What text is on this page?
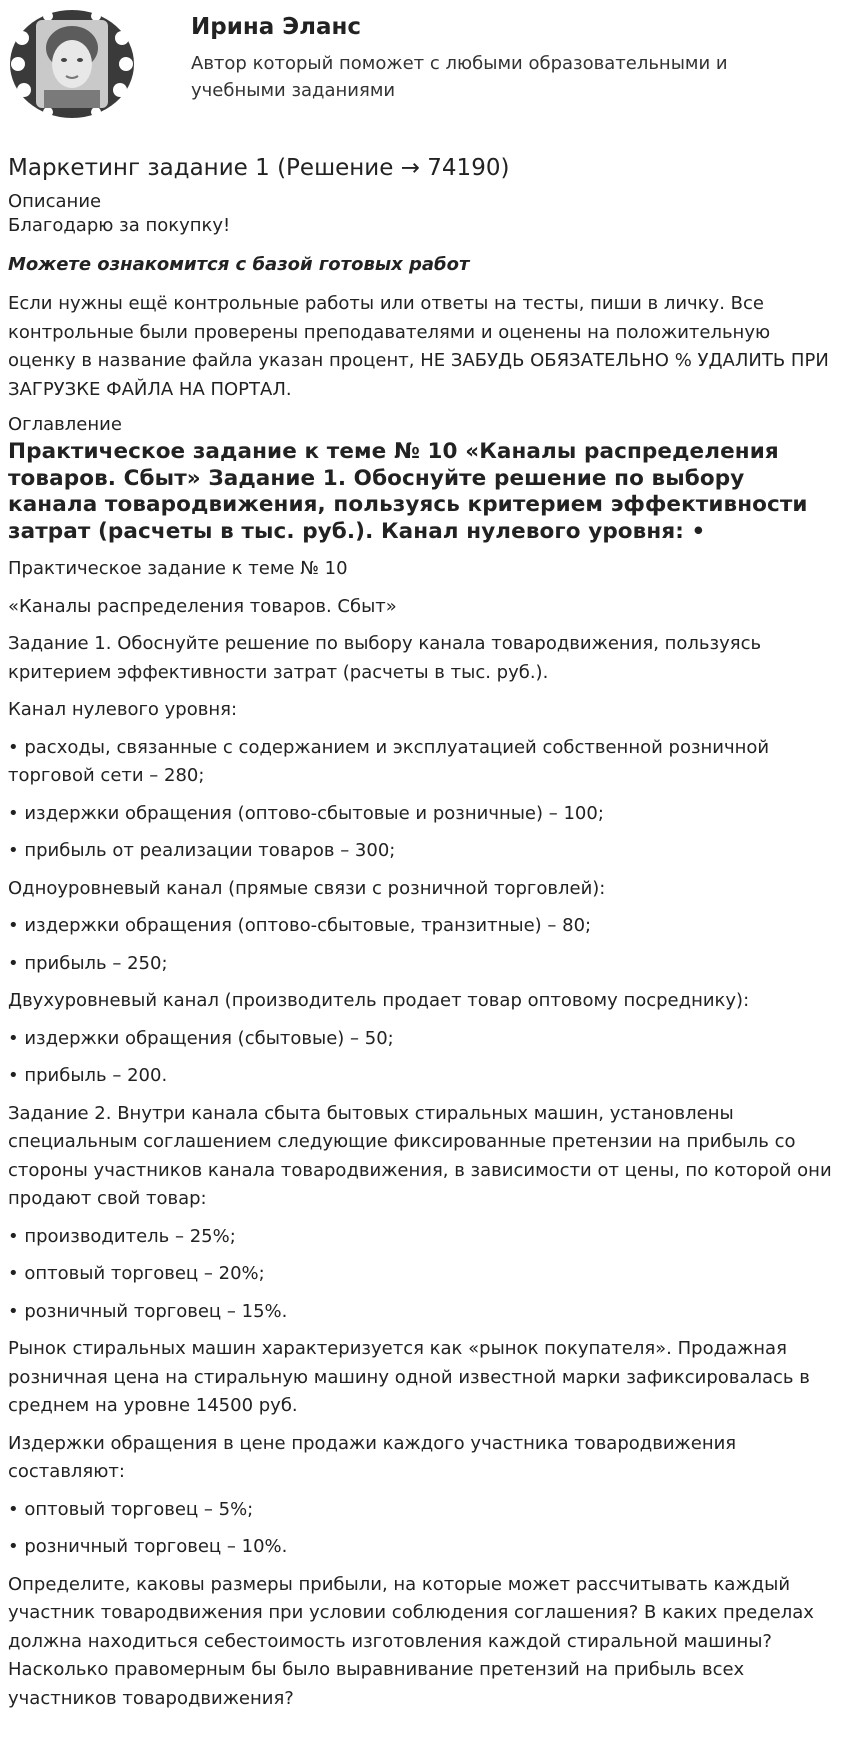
Ирина Эланс
Автор который поможет с любыми образовательными и учебными заданиями
Маркетинг задание 1 (Решение → 74190)
Описание
Благодарю за покупку!
Можете ознакомится с базой готовых работ
Если нужны ещё контрольные работы или ответы на тесты, пиши в личку. Все контрольные были проверены преподавателями и оценены на положительную оценку в название файла указан процент, НЕ ЗАБУДЬ ОБЯЗАТЕЛЬНО % УДАЛИТЬ ПРИ ЗАГРУЗКЕ ФАЙЛА НА ПОРТАЛ.
Оглавление
Практическое задание к теме № 10 «Каналы распределения товаров. Сбыт» Задание 1. Обоснуйте решение по выбору канала товародвижения, пользуясь критерием эффективности затрат (расчеты в тыс. руб.). Канал нулевого уровня: •
Практическое задание к теме № 10
«Каналы распределения товаров. Сбыт»
Задание 1. Обоснуйте решение по выбору канала товародвижения, пользуясь критерием эффективности затрат (расчеты в тыс. руб.).
Канал нулевого уровня:
• расходы, связанные с содержанием и эксплуатацией собственной розничной торговой сети – 280;
• издержки обращения (оптово-сбытовые и розничные) – 100;
• прибыль от реализации товаров – 300;
Одноуровневый канал (прямые связи с розничной торговлей):
• издержки обращения (оптово-сбытовые, транзитные) – 80;
• прибыль – 250;
Двухуровневый канал (производитель продает товар оптовому посреднику):
• издержки обращения (сбытовые) – 50;
• прибыль – 200.
Задание 2. Внутри канала сбыта бытовых стиральных машин, установлены специальным соглашением следующие фиксированные претензии на прибыль со стороны участников канала товародвижения, в зависимости от цены, по которой они продают свой товар:
• производитель – 25%;
• оптовый торговец – 20%;
• розничный торговец – 15%.
Рынок стиральных машин характеризуется как «рынок покупателя». Продажная розничная цена на стиральную машину одной известной марки зафиксировалась в среднем на уровне 14500 руб.
Издержки обращения в цене продажи каждого участника товародвижения составляют:
• оптовый торговец – 5%;
• розничный торговец – 10%.
Определите, каковы размеры прибыли, на которые может рассчитывать каждый участник товародвижения при условии соблюдения соглашения? В каких пределах должна находиться себестоимость изготовления каждой стиральной машины? Насколько правомерным бы было выравнивание претензий на прибыль всех участников товародвижения?
